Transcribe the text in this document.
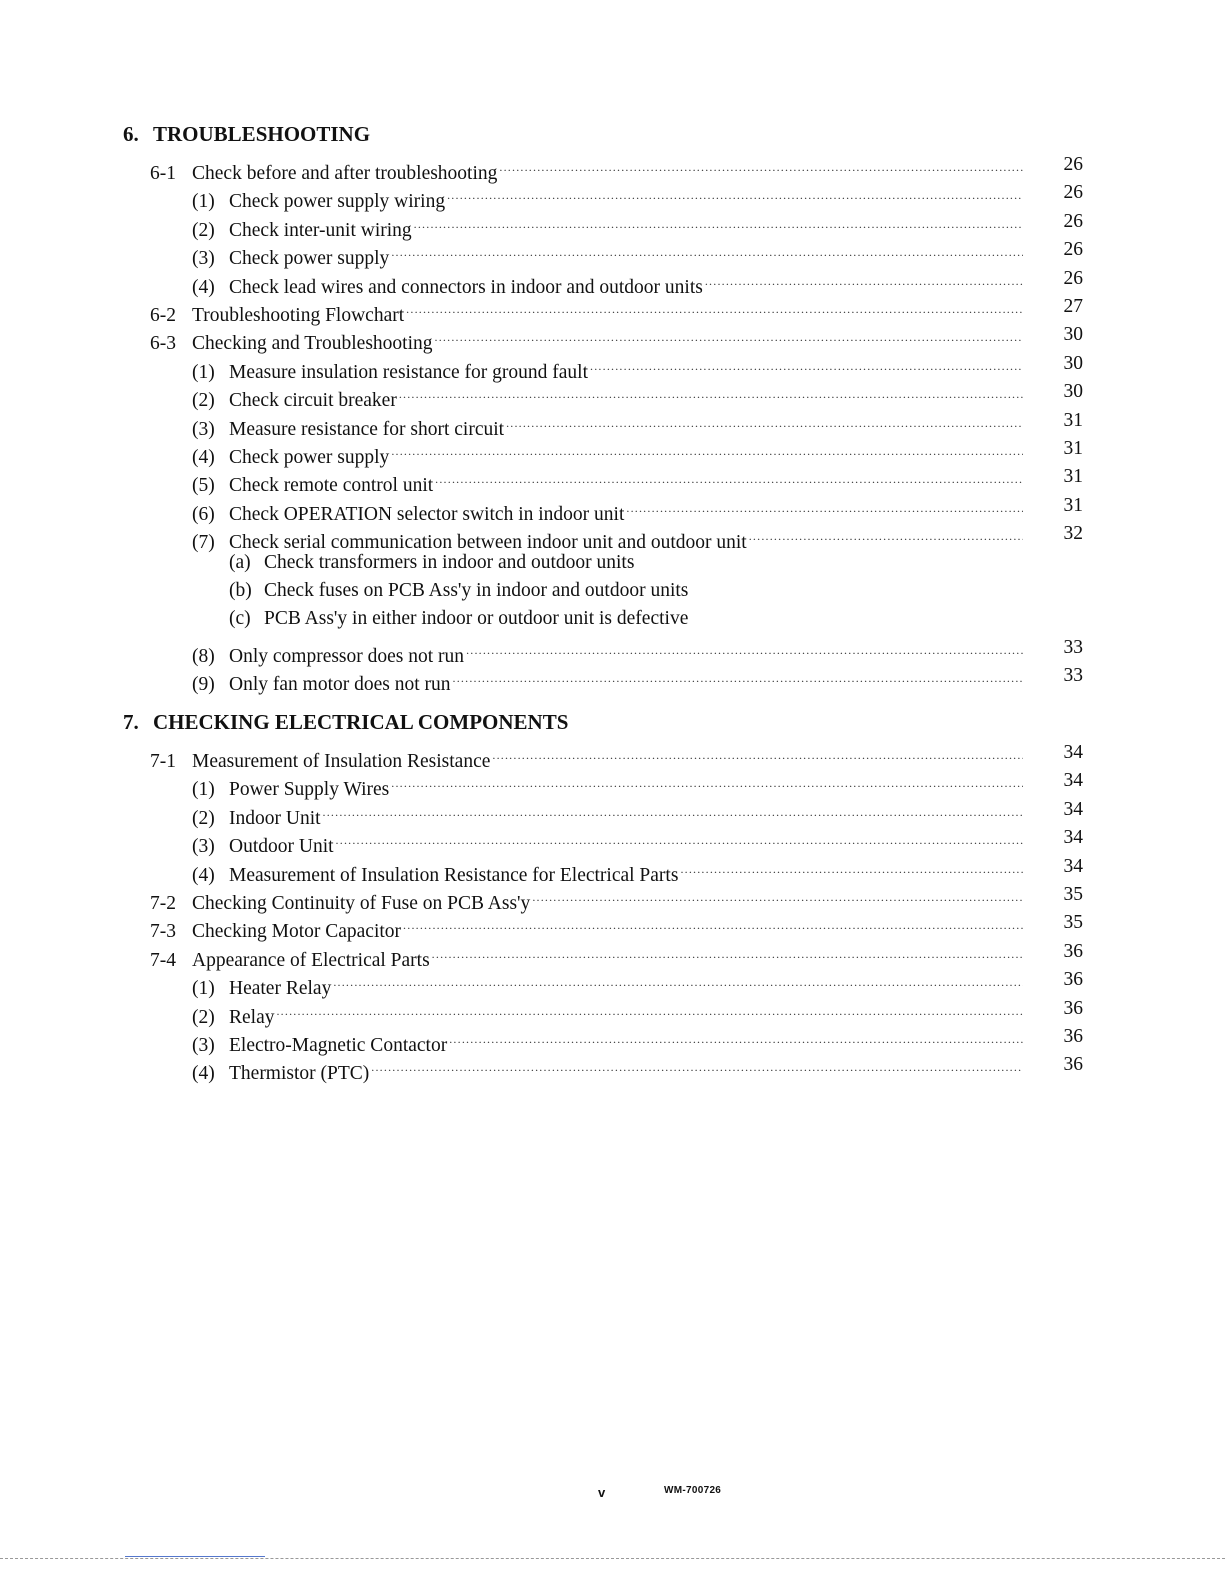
6. TROUBLESHOOTING
6-1 Check before and after troubleshooting .....	26
(1) Check power supply wiring .....	26
(2) Check inter-unit wiring .....	26
(3) Check power supply .....	26
(4) Check lead wires and connectors in indoor and outdoor units .....	26
6-2 Troubleshooting Flowchart .....	27
6-3 Checking and Troubleshooting .....	30
(1) Measure insulation resistance for ground fault .....	30
(2) Check circuit breaker .....	30
(3) Measure resistance for short circuit .....	31
(4) Check power supply .....	31
(5) Check remote control unit .....	31
(6) Check OPERATION selector switch in indoor unit .....	31
(7) Check serial communication between indoor unit and outdoor unit .....	32
(a) Check transformers in indoor and outdoor units
(b) Check fuses on PCB Ass'y in indoor and outdoor units
(c) PCB Ass'y in either indoor or outdoor unit is defective
(8) Only compressor does not run .....	33
(9) Only fan motor does not run .....	33
7. CHECKING ELECTRICAL COMPONENTS
7-1 Measurement of Insulation Resistance .....	34
(1) Power Supply Wires .....	34
(2) Indoor Unit .....	34
(3) Outdoor Unit .....	34
(4) Measurement of Insulation Resistance for Electrical Parts .....	34
7-2 Checking Continuity of Fuse on PCB Ass'y .....	35
7-3 Checking Motor Capacitor .....	35
7-4 Appearance of Electrical Parts .....	36
(1) Heater Relay .....	36
(2) Relay .....	36
(3) Electro-Magnetic Contactor .....	36
(4) Thermistor (PTC) .....	36
v	WM-700726
